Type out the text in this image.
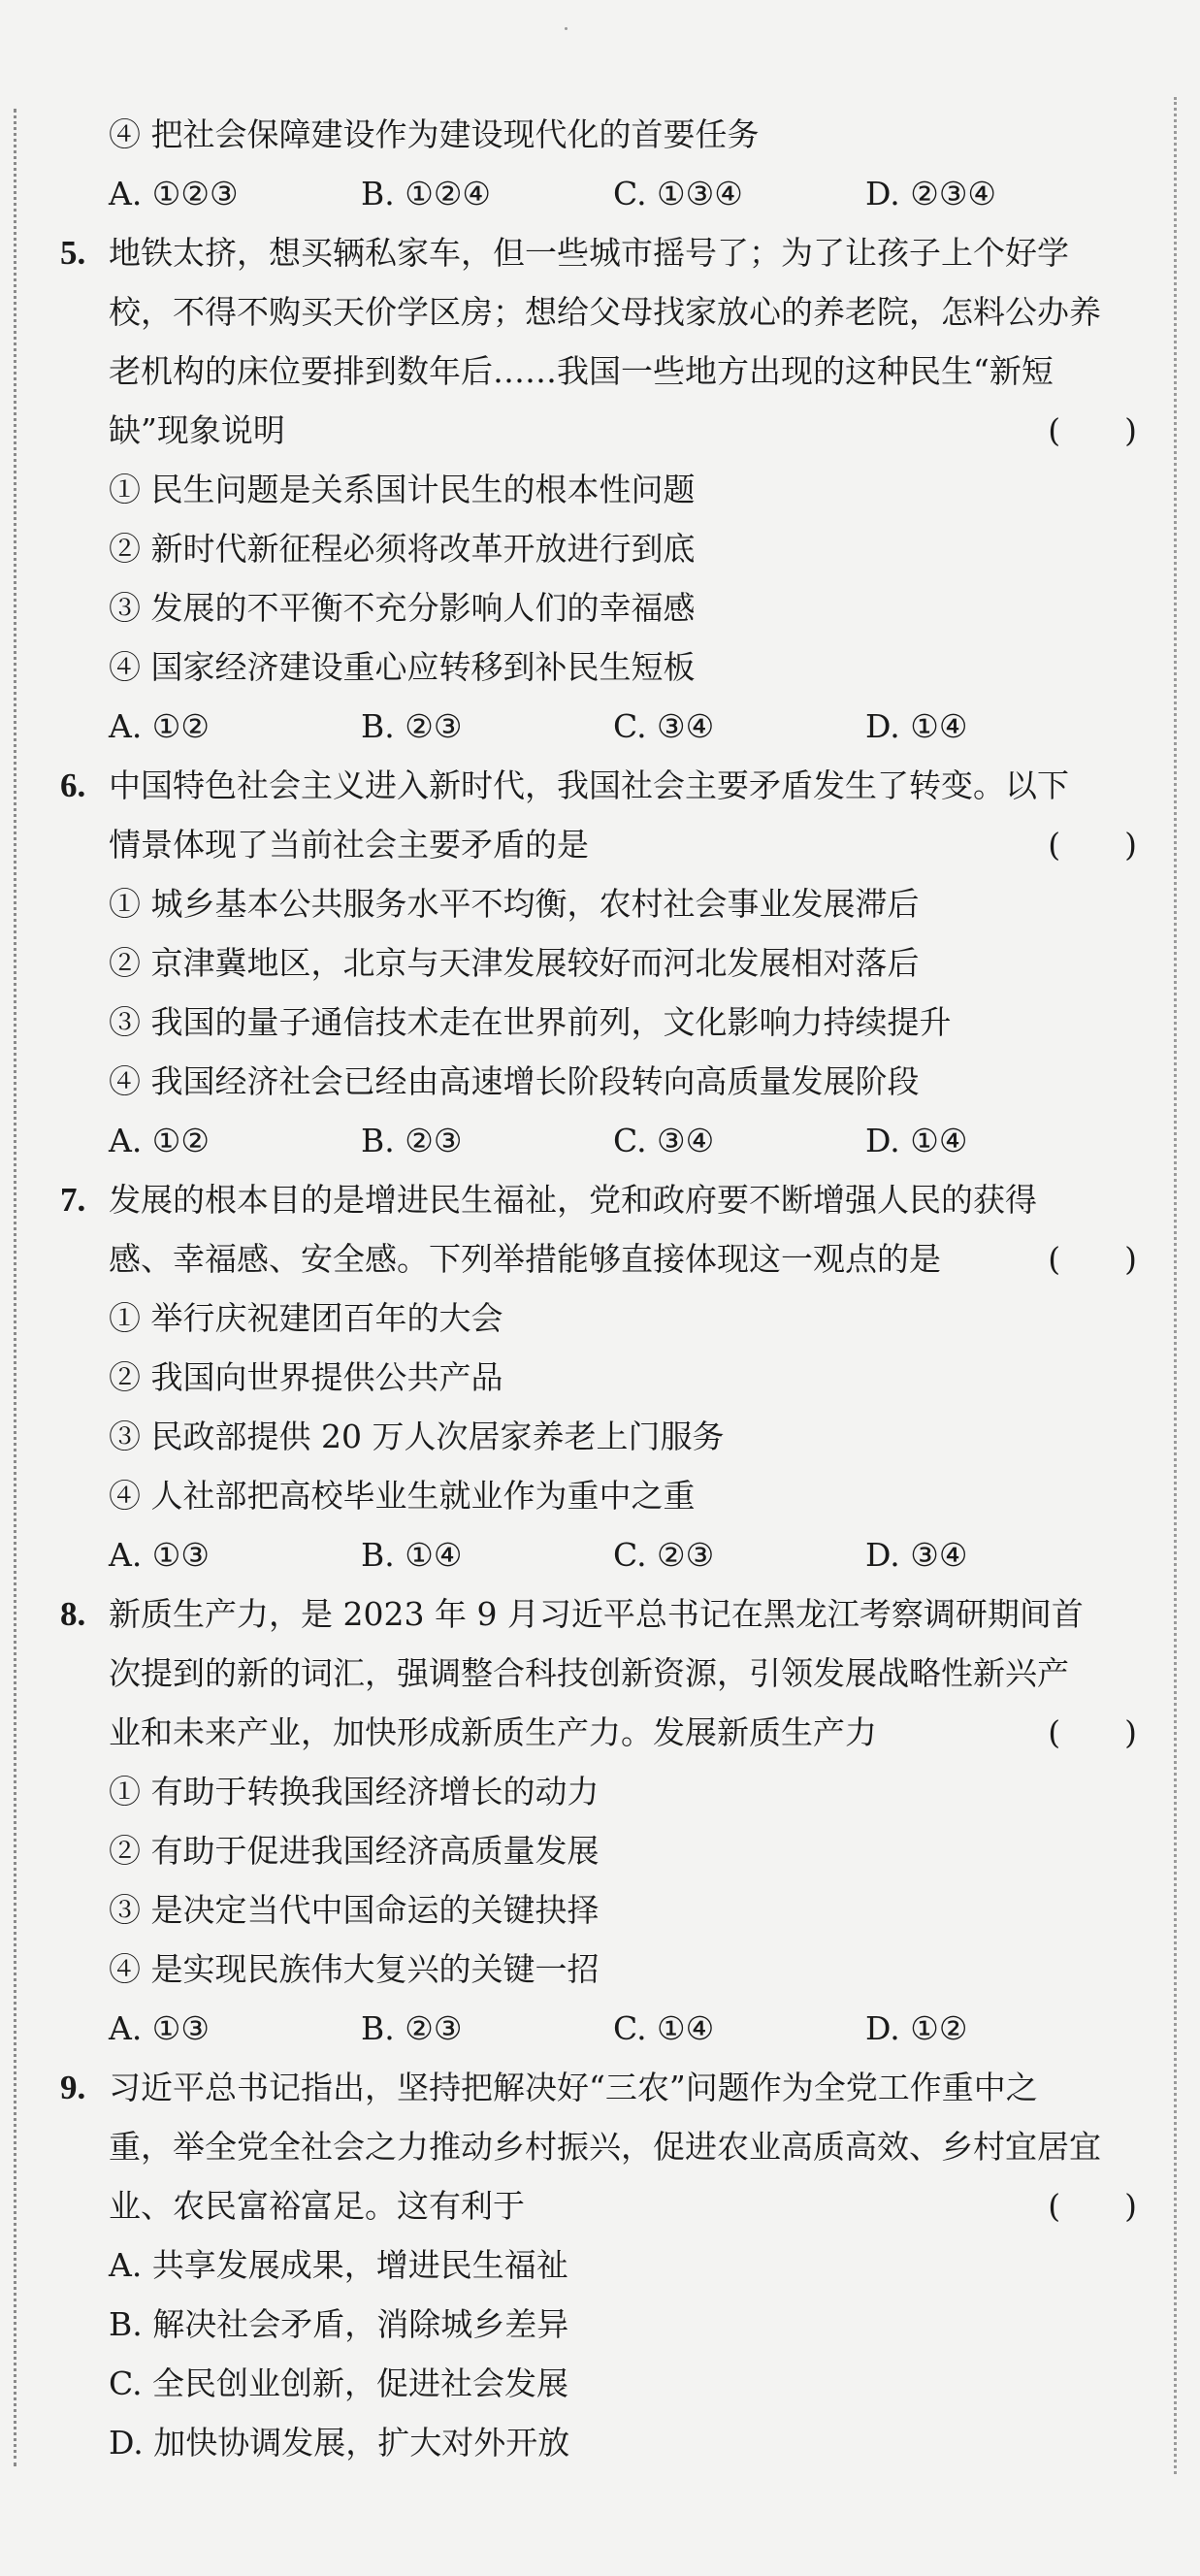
④ 把社会保障建设作为建设现代化的首要任务
A. ①②③	B. ①②④	C. ①③④	D. ②③④
5. 地铁太挤，想买辆私家车，但一些城市摇号了；为了让孩子上个好学
校，不得不购买天价学区房；想给父母找家放心的养老院，怎料公办养
老机构的床位要排到数年后……我国一些地方出现的这种民生“新短
缺”现象说明	(　　)
① 民生问题是关系国计民生的根本性问题
② 新时代新征程必须将改革开放进行到底
③ 发展的不平衡不充分影响人们的幸福感
④ 国家经济建设重心应转移到补民生短板
A. ①②	B. ②③	C. ③④	D. ①④
6. 中国特色社会主义进入新时代，我国社会主要矛盾发生了转变。以下
情景体现了当前社会主要矛盾的是	(　　)
① 城乡基本公共服务水平不均衡，农村社会事业发展滞后
② 京津冀地区，北京与天津发展较好而河北发展相对落后
③ 我国的量子通信技术走在世界前列，文化影响力持续提升
④ 我国经济社会已经由高速增长阶段转向高质量发展阶段
A. ①②	B. ②③	C. ③④	D. ①④
7. 发展的根本目的是增进民生福祉，党和政府要不断增强人民的获得
感、幸福感、安全感。下列举措能够直接体现这一观点的是	(　　)
① 举行庆祝建团百年的大会
② 我国向世界提供公共产品
③ 民政部提供 20 万人次居家养老上门服务
④ 人社部把高校毕业生就业作为重中之重
A. ①③	B. ①④	C. ②③	D. ③④
8. 新质生产力，是 2023 年 9 月习近平总书记在黑龙江考察调研期间首
次提到的新的词汇，强调整合科技创新资源，引领发展战略性新兴产
业和未来产业，加快形成新质生产力。发展新质生产力	(　　)
① 有助于转换我国经济增长的动力
② 有助于促进我国经济高质量发展
③ 是决定当代中国命运的关键抉择
④ 是实现民族伟大复兴的关键一招
A. ①③	B. ②③	C. ①④	D. ①②
9. 习近平总书记指出，坚持把解决好“三农”问题作为全党工作重中之
重，举全党全社会之力推动乡村振兴，促进农业高质高效、乡村宜居宜
业、农民富裕富足。这有利于	(　　)
A. 共享发展成果，增进民生福祉
B. 解决社会矛盾，消除城乡差异
C. 全民创业创新，促进社会发展
D. 加快协调发展，扩大对外开放
